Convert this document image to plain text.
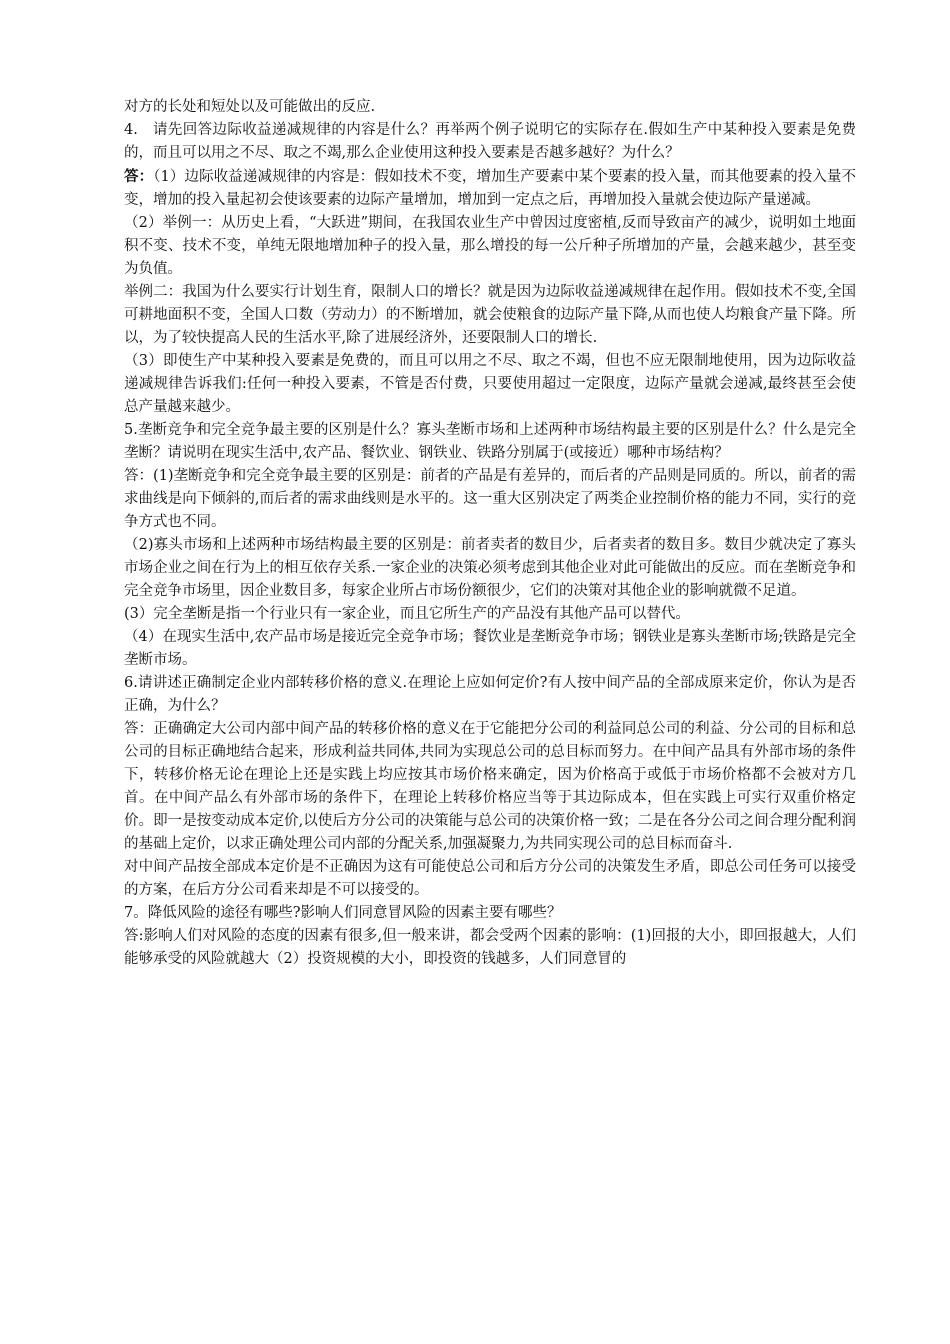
对方的长处和短处以及可能做出的反应.

4.　请先回答边际收益递减规律的内容是什么？再举两个例子说明它的实际存在.假如生产中某种投入要素是免费的，而且可以用之不尽、取之不竭,那么企业使用这种投入要素是否越多越好？为什么？

答：（1）边际收益递减规律的内容是：假如技术不变，增加生产要素中某个要素的投入量，而其他要素的投入量不变，增加的投入量起初会使该要素的边际产量增加，增加到一定点之后，再增加投入量就会使边际产量递减。

（2）举例一：从历史上看，“大跃进”期间，在我国农业生产中曾因过度密植,反而导致亩产的减少，说明如土地面积不变、技术不变，单纯无限地增加种子的投入量，那么增投的每一公斤种子所增加的产量，会越来越少，甚至变为负值。

举例二：我国为什么要实行计划生育，限制人口的增长？就是因为边际收益递减规律在起作用。假如技术不变,全国可耕地面积不变，全国人口数（劳动力）的不断增加，就会使粮食的边际产量下降,从而也使人均粮食产量下降。所以，为了较快提高人民的生活水平,除了进展经济外，还要限制人口的增长.

（3）即使生产中某种投入要素是免费的，而且可以用之不尽、取之不竭，但也不应无限制地使用，因为边际收益递减规律告诉我们:任何一种投入要素，不管是否付费，只要使用超过一定限度，边际产量就会递减,最终甚至会使总产量越来越少。

5.垄断竞争和完全竞争最主要的区别是什么？寡头垄断市场和上述两种市场结构最主要的区别是什么？什么是完全垄断？请说明在现实生活中,农产品、餐饮业、钢铁业、铁路分别属于(或接近）哪种市场结构？

答：(1)垄断竞争和完全竞争最主要的区别是：前者的产品是有差异的，而后者的产品则是同质的。所以，前者的需求曲线是向下倾斜的,而后者的需求曲线则是水平的。这一重大区别决定了两类企业控制价格的能力不同，实行的竞争方式也不同。

（2)寡头市场和上述两种市场结构最主要的区别是：前者卖者的数目少，后者卖者的数目多。数目少就决定了寡头市场企业之间在行为上的相互依存关系.一家企业的决策必须考虑到其他企业对此可能做出的反应。而在垄断竞争和完全竞争市场里，因企业数目多，每家企业所占市场份额很少，它们的决策对其他企业的影响就微不足道。

(3）完全垄断是指一个行业只有一家企业，而且它所生产的产品没有其他产品可以替代。

（4）在现实生活中,农产品市场是接近完全竞争市场；餐饮业是垄断竞争市场；钢铁业是寡头垄断市场;铁路是完全垄断市场。

6.请讲述正确制定企业内部转移价格的意义.在理论上应如何定价?有人按中间产品的全部成原来定价，你认为是否正确，为什么？

答：正确确定大公司内部中间产品的转移价格的意义在于它能把分公司的利益同总公司的利益、分公司的目标和总公司的目标正确地结合起来，形成利益共同体,共同为实现总公司的总目标而努力。在中间产品具有外部市场的条件下，转移价格无论在理论上还是实践上均应按其市场价格来确定，因为价格高于或低于市场价格都不会被对方几首。在中间产品么有外部市场的条件下，在理论上转移价格应当等于其边际成本，但在实践上可实行双重价格定价。即一是按变动成本定价,以使后方分公司的决策能与总公司的决策价格一致；二是在各分公司之间合理分配利润的基础上定价，以求正确处理公司内部的分配关系,加强凝聚力,为共同实现公司的总目标而奋斗.

对中间产品按全部成本定价是不正确因为这有可能使总公司和后方分公司的决策发生矛盾，即总公司任务可以接受的方案，在后方分公司看来却是不可以接受的。

7。降低风险的途径有哪些?影响人们同意冒风险的因素主要有哪些？

答:影响人们对风险的态度的因素有很多,但一般来讲，都会受两个因素的影响：(1)回报的大小，即回报越大，人们能够承受的风险就越大（2）投资规模的大小，即投资的钱越多，人们同意冒的
